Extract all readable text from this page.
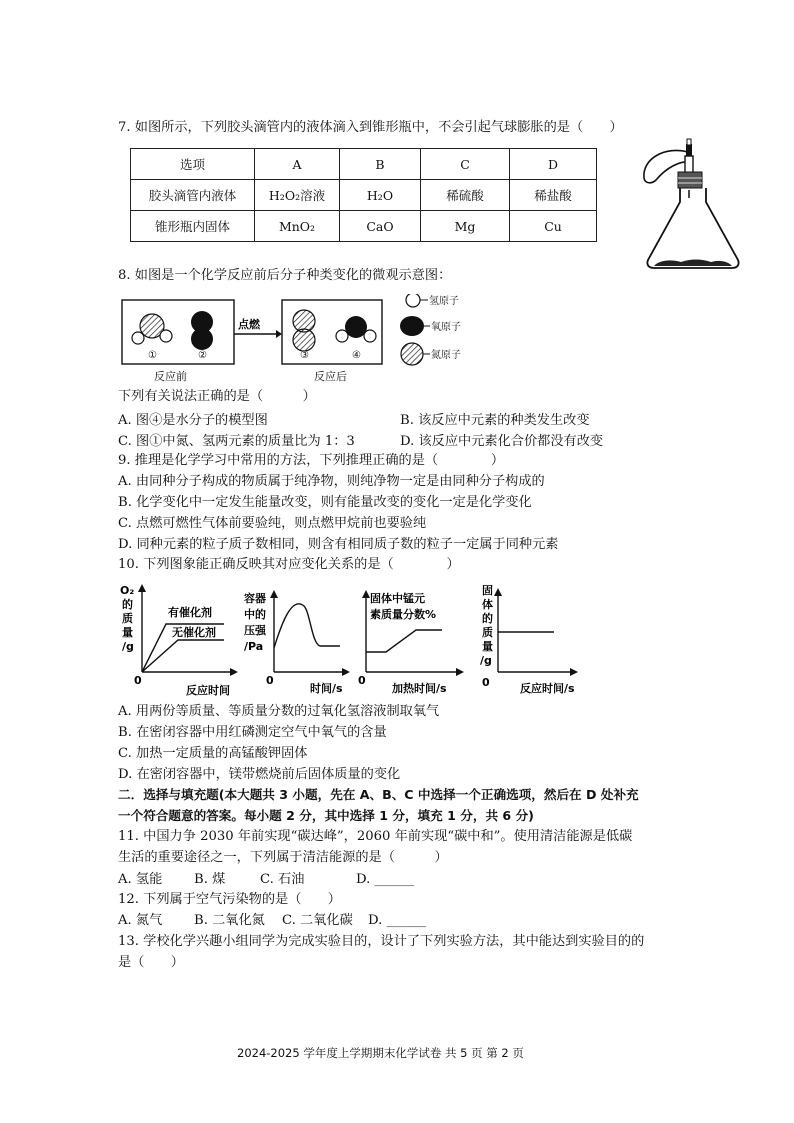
7. 如图所示，下列胶头滴管内的液体滴入到锥形瓶中，不会引起气球膨胀的是（　　）
选项	A	B	C	D
胶头滴管内液体	H₂O₂溶液	H₂O	稀硫酸	稀盐酸
锥形瓶内固体	MnO₂	CaO	Mg	Cu
8. 如图是一个化学反应前后分子种类变化的微观示意图：
①	②
点燃
③	④
反应前	反应后
氢原子
氧原子
氮原子
下列有关说法正确的是（　　　）
A. 图④是水分子的模型图	B. 该反应中元素的种类发生改变
C. 图①中氮、氢两元素的质量比为 1：3	D. 该反应中元素化合价都没有改变
9. 推理是化学学习中常用的方法，下列推理正确的是（　　　　）
A. 由同种分子构成的物质属于纯净物，则纯净物一定是由同种分子构成的
B. 化学变化中一定发生能量改变，则有能量改变的变化一定是化学变化
C. 点燃可燃性气体前要验纯，则点燃甲烷前也要验纯
D. 同种元素的粒子质子数相同，则含有相同质子数的粒子一定属于同种元素
10. 下列图象能正确反映其对应变化关系的是（　　　　）
O₂
的
质
量
/g
有催化剂
无催化剂
0
反应时间
容器
中的
压强
/Pa
0
时间/s
固体中锰元
素质量分数%
0
加热时间/s
固
体
的
质
量
/g
0	反应时间/s
A. 用两份等质量、等质量分数的过氧化氢溶液制取氧气
B. 在密闭容器中用红磷测定空气中氧气的含量
C. 加热一定质量的高锰酸钾固体
D. 在密闭容器中，镁带燃烧前后固体质量的变化
二．选择与填充题(本大题共 3 小题，先在 A、B、C 中选择一个正确选项，然后在 D 处补充
一个符合题意的答案。每小题 2 分，其中选择 1 分，填充 1 分，共 6 分)
11. 中国力争 2030 年前实现“碳达峰”，2060 年前实现“碳中和”。使用清洁能源是低碳
生活的重要途径之一，下列属于清洁能源的是（　　　）
A. 氢能 B. 煤	C. 石油	D. ______
12. 下列属于空气污染物的是（　　）
A. 氮气 B. 二氧化氮 C. 二氧化碳 D. ______
13. 学校化学兴趣小组同学为完成实验目的，设计了下列实验方法，其中能达到实验目的的
是（　　）
2024-2025 学年度上学期期末化学试卷 共 5 页 第 2 页
